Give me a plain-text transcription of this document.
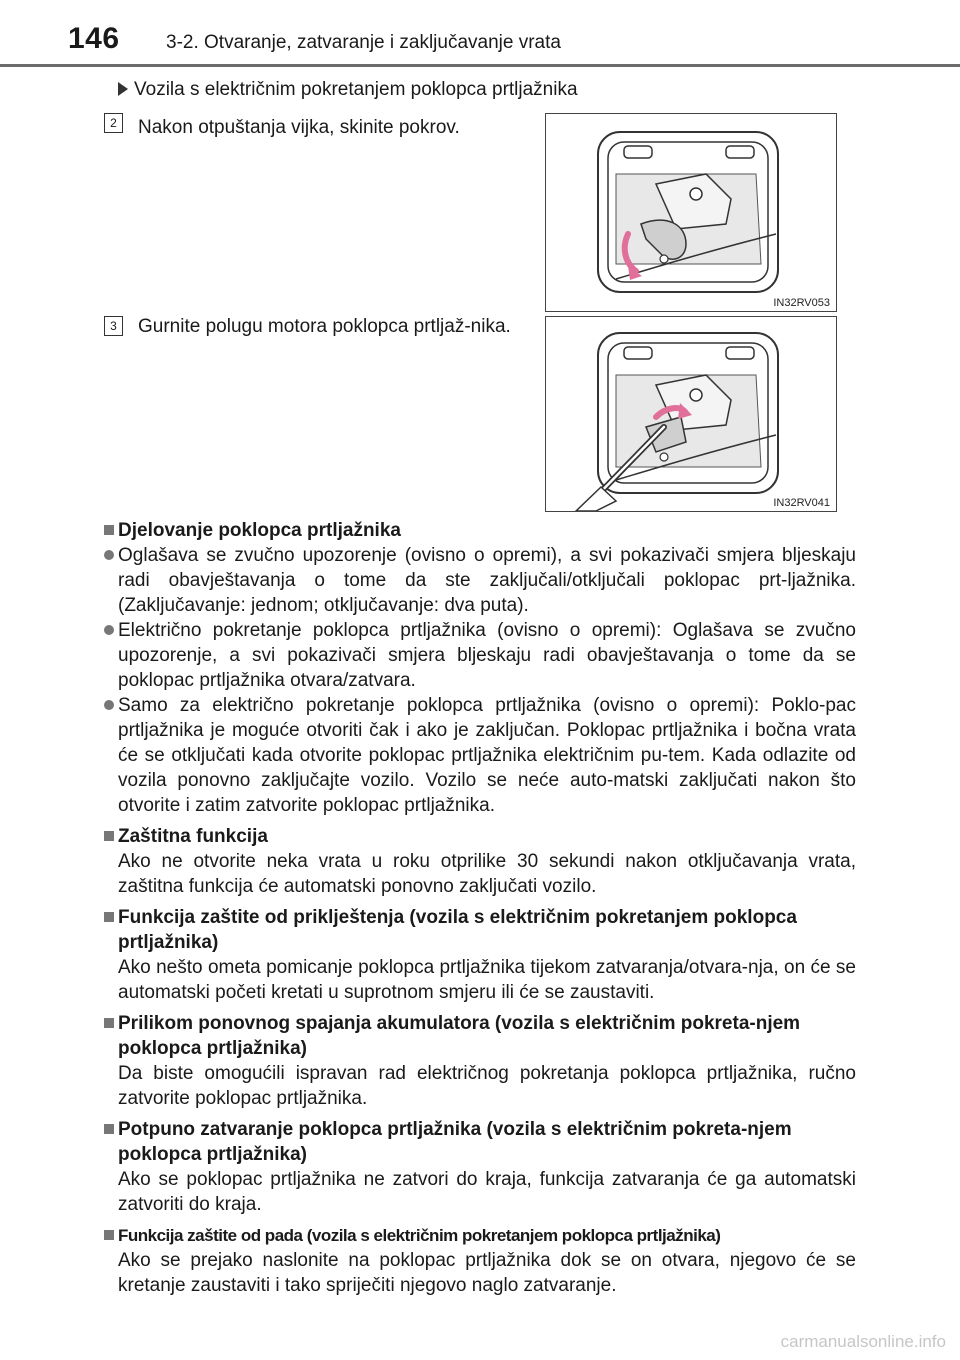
146 3-2. Otvaranje, zatvaranje i zaključavanje vrata
Vozila s električnim pokretanjem poklopca prtljažnika
2	Nakon otpuštanja vijka, skinite pokrov.
IN32RV053
3	Gurnite polugu motora poklopca prtljaž-nika.
IN32RV041
Djelovanje poklopca prtljažnika
Oglašava se zvučno upozorenje (ovisno o opremi), a svi pokazivači smjera bljeskaju radi obavještavanja o tome da ste zaključali/otključali poklopac prt-ljažnika. (Zaključavanje: jednom; otključavanje: dva puta).
Električno pokretanje poklopca prtljažnika (ovisno o opremi): Oglašava se zvučno upozorenje, a svi pokazivači smjera bljeskaju radi obavještavanja o tome da se poklopac prtljažnika otvara/zatvara.
Samo za električno pokretanje poklopca prtljažnika (ovisno o opremi): Poklo-pac prtljažnika je moguće otvoriti čak i ako je zaključan. Poklopac prtljažnika i bočna vrata će se otključati kada otvorite poklopac prtljažnika električnim pu-tem. Kada odlazite od vozila ponovno zaključajte vozilo. Vozilo se neće auto-matski zaključati nakon što otvorite i zatim zatvorite poklopac prtljažnika.
Zaštitna funkcija
Ako ne otvorite neka vrata u roku otprilike 30 sekundi nakon otključavanja vrata, zaštitna funkcija će automatski ponovno zaključati vozilo.
Funkcija zaštite od priklještenja (vozila s električnim pokretanjem poklopca prtljažnika)
Ako nešto ometa pomicanje poklopca prtljažnika tijekom zatvaranja/otvara-nja, on će se automatski početi kretati u suprotnom smjeru ili će se zaustaviti.
Prilikom ponovnog spajanja akumulatora (vozila s električnim pokreta-njem poklopca prtljažnika)
Da biste omogućili ispravan rad električnog pokretanja poklopca prtljažnika, ručno zatvorite poklopac prtljažnika.
Potpuno zatvaranje poklopca prtljažnika (vozila s električnim pokreta-njem poklopca prtljažnika)
Ako se poklopac prtljažnika ne zatvori do kraja, funkcija zatvaranja će ga automatski zatvoriti do kraja.
Funkcija zaštite od pada (vozila s električnim pokretanjem poklopca prtljažnika)
Ako se prejako naslonite na poklopac prtljažnika dok se on otvara, njegovo će se kretanje zaustaviti i tako spriječiti njegovo naglo zatvaranje.
carmanualsonline.info
